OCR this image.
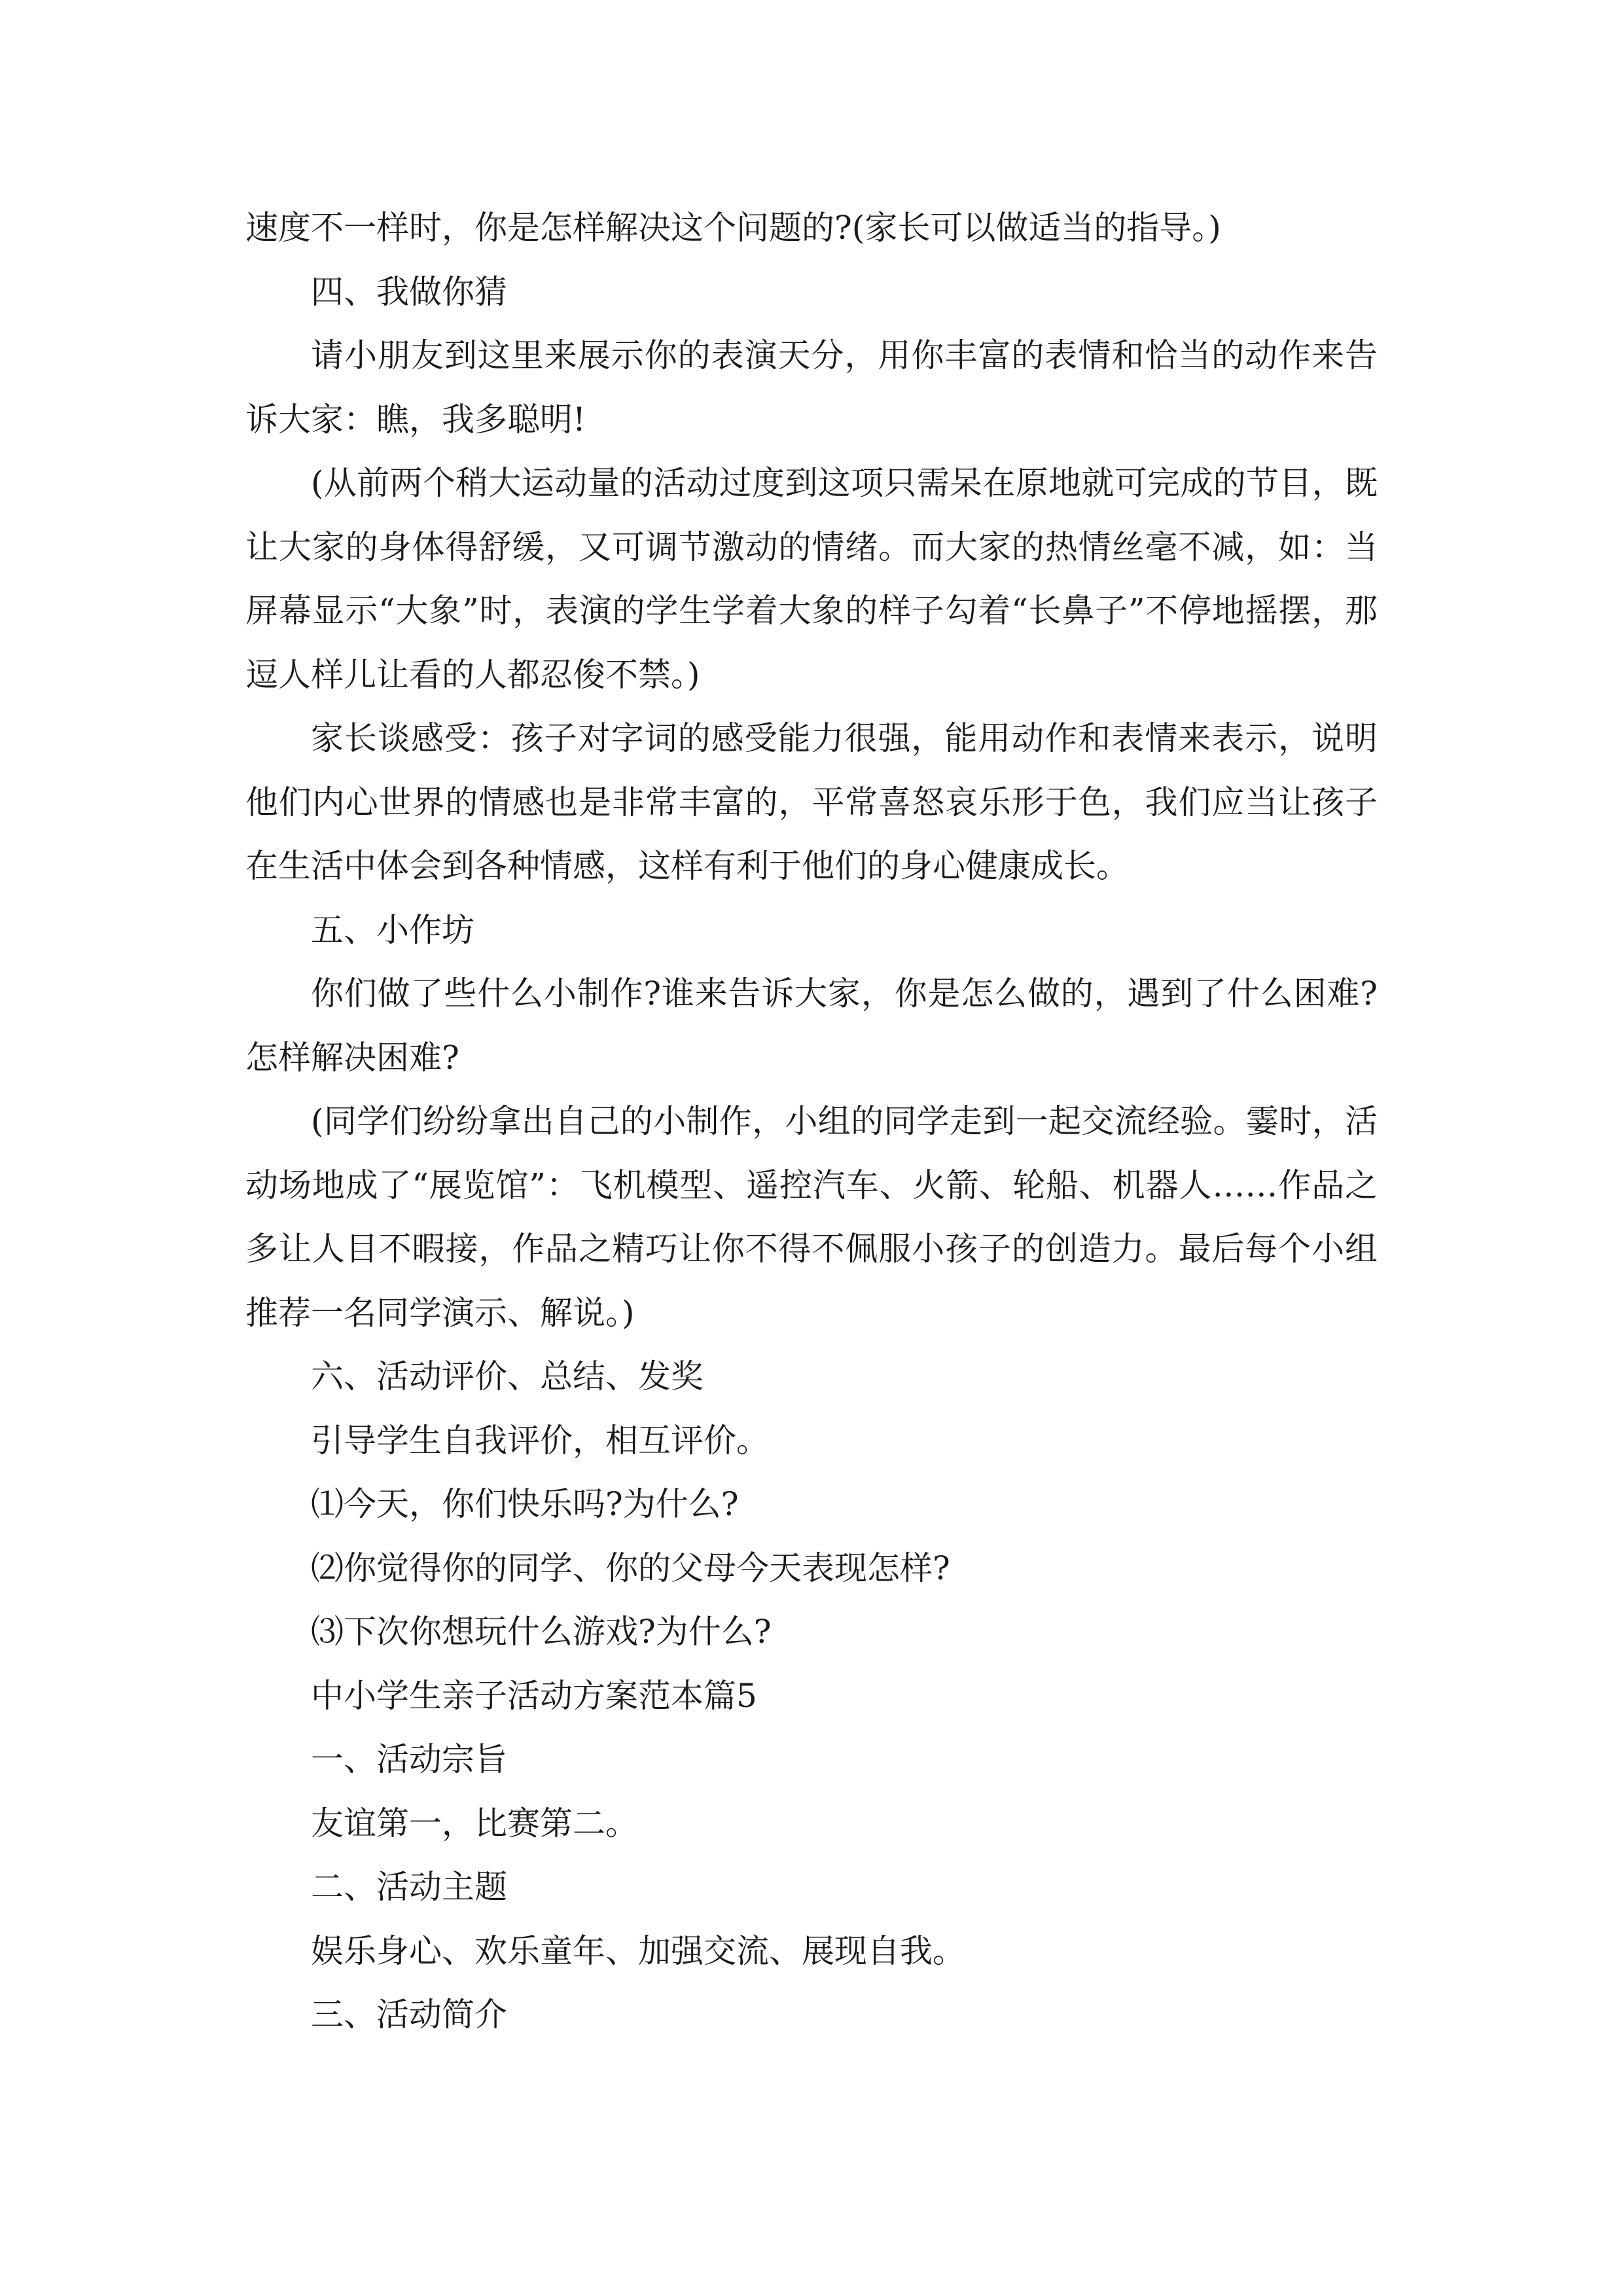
速度不一样时，你是怎样解决这个问题的?(家长可以做适当的指导。)

四、我做你猜

请小朋友到这里来展示你的表演天分，用你丰富的表情和恰当的动作来告诉大家：瞧，我多聪明!

(从前两个稍大运动量的活动过度到这项只需呆在原地就可完成的节目，既让大家的身体得舒缓，又可调节激动的情绪。而大家的热情丝毫不减，如：当屏幕显示“大象”时，表演的学生学着大象的样子勾着“长鼻子”不停地摇摆，那逗人样儿让看的人都忍俊不禁。)

家长谈感受：孩子对字词的感受能力很强，能用动作和表情来表示，说明他们内心世界的情感也是非常丰富的，平常喜怒哀乐形于色，我们应当让孩子在生活中体会到各种情感，这样有利于他们的身心健康成长。

五、小作坊

你们做了些什么小制作?谁来告诉大家，你是怎么做的，遇到了什么困难?怎样解决困难?

(同学们纷纷拿出自己的小制作，小组的同学走到一起交流经验。霎时，活动场地成了“展览馆”：飞机模型、遥控汽车、火箭、轮船、机器人……作品之多让人目不暇接，作品之精巧让你不得不佩服小孩子的创造力。最后每个小组推荐一名同学演示、解说。)

六、活动评价、总结、发奖

引导学生自我评价，相互评价。

⑴今天，你们快乐吗?为什么?

⑵你觉得你的同学、你的父母今天表现怎样?

⑶下次你想玩什么游戏?为什么?

中小学生亲子活动方案范本篇5

一、活动宗旨

友谊第一，比赛第二。

二、活动主题

娱乐身心、欢乐童年、加强交流、展现自我。

三、活动简介
